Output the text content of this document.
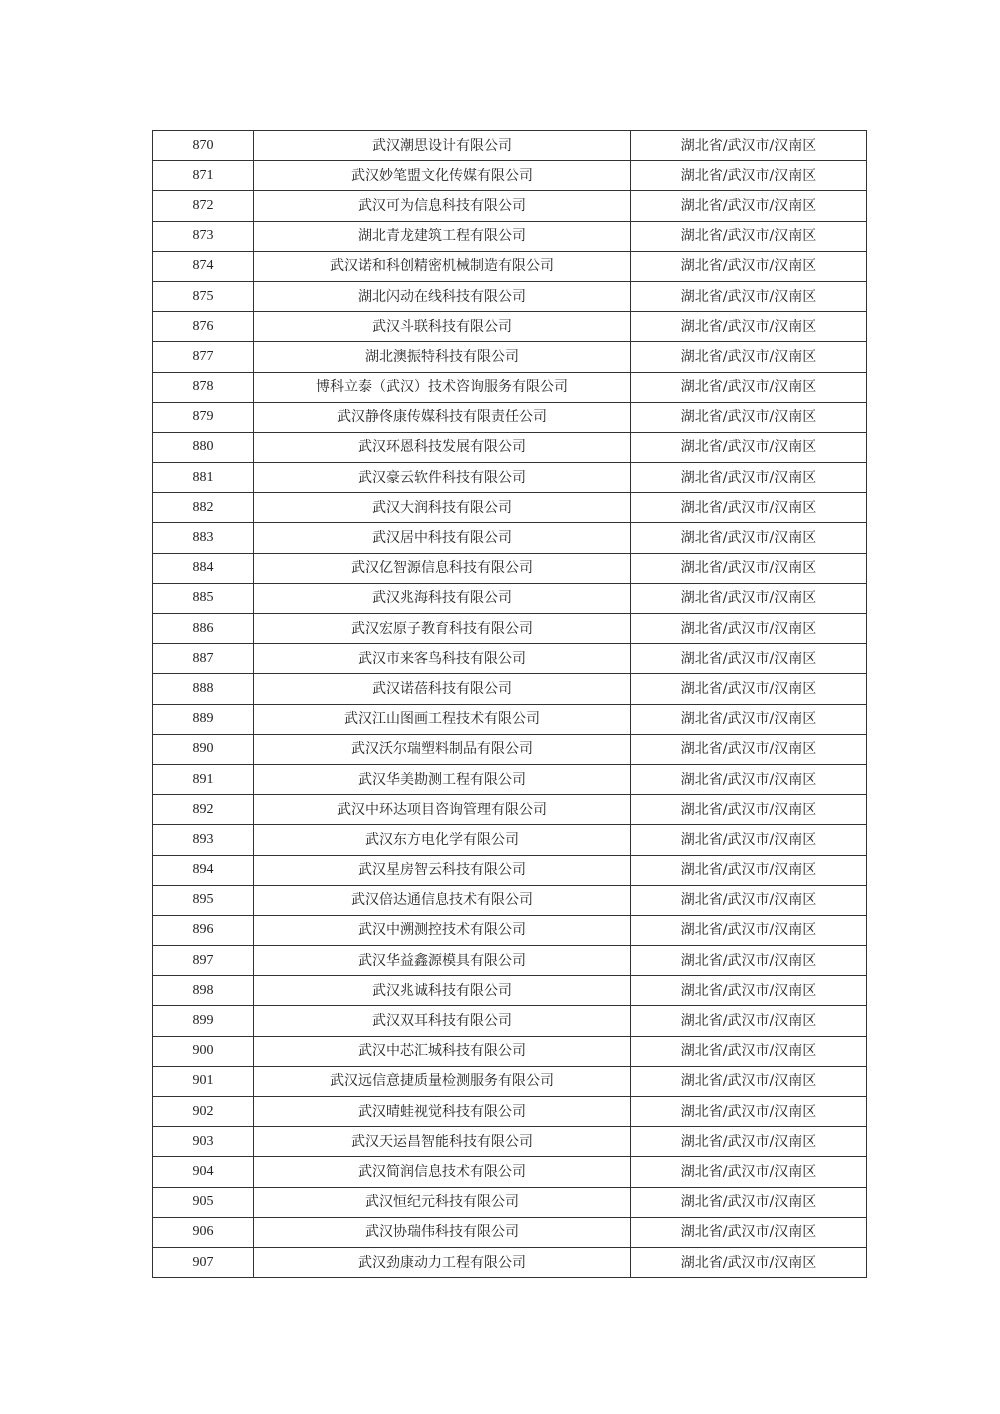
870	武汉潮思设计有限公司	湖北省/武汉市/汉南区
871	武汉妙笔盟文化传媒有限公司	湖北省/武汉市/汉南区
872	武汉可为信息科技有限公司	湖北省/武汉市/汉南区
873	湖北青龙建筑工程有限公司	湖北省/武汉市/汉南区
874	武汉诺和科创精密机械制造有限公司	湖北省/武汉市/汉南区
875	湖北闪动在线科技有限公司	湖北省/武汉市/汉南区
876	武汉斗联科技有限公司	湖北省/武汉市/汉南区
877	湖北澳振特科技有限公司	湖北省/武汉市/汉南区
878	博科立泰（武汉）技术咨询服务有限公司	湖北省/武汉市/汉南区
879	武汉静佟康传媒科技有限责任公司	湖北省/武汉市/汉南区
880	武汉环恩科技发展有限公司	湖北省/武汉市/汉南区
881	武汉豪云软件科技有限公司	湖北省/武汉市/汉南区
882	武汉大润科技有限公司	湖北省/武汉市/汉南区
883	武汉居中科技有限公司	湖北省/武汉市/汉南区
884	武汉亿智源信息科技有限公司	湖北省/武汉市/汉南区
885	武汉兆海科技有限公司	湖北省/武汉市/汉南区
886	武汉宏原子教育科技有限公司	湖北省/武汉市/汉南区
887	武汉市来客鸟科技有限公司	湖北省/武汉市/汉南区
888	武汉诺蓓科技有限公司	湖北省/武汉市/汉南区
889	武汉江山图画工程技术有限公司	湖北省/武汉市/汉南区
890	武汉沃尔瑞塑料制品有限公司	湖北省/武汉市/汉南区
891	武汉华美勘测工程有限公司	湖北省/武汉市/汉南区
892	武汉中环达项目咨询管理有限公司	湖北省/武汉市/汉南区
893	武汉东方电化学有限公司	湖北省/武汉市/汉南区
894	武汉星房智云科技有限公司	湖北省/武汉市/汉南区
895	武汉倍达通信息技术有限公司	湖北省/武汉市/汉南区
896	武汉中溯测控技术有限公司	湖北省/武汉市/汉南区
897	武汉华益鑫源模具有限公司	湖北省/武汉市/汉南区
898	武汉兆诚科技有限公司	湖北省/武汉市/汉南区
899	武汉双耳科技有限公司	湖北省/武汉市/汉南区
900	武汉中芯汇城科技有限公司	湖北省/武汉市/汉南区
901	武汉远信意捷质量检测服务有限公司	湖北省/武汉市/汉南区
902	武汉晴蛙视觉科技有限公司	湖北省/武汉市/汉南区
903	武汉天运昌智能科技有限公司	湖北省/武汉市/汉南区
904	武汉简润信息技术有限公司	湖北省/武汉市/汉南区
905	武汉恒纪元科技有限公司	湖北省/武汉市/汉南区
906	武汉协瑞伟科技有限公司	湖北省/武汉市/汉南区
907	武汉劲康动力工程有限公司	湖北省/武汉市/汉南区
